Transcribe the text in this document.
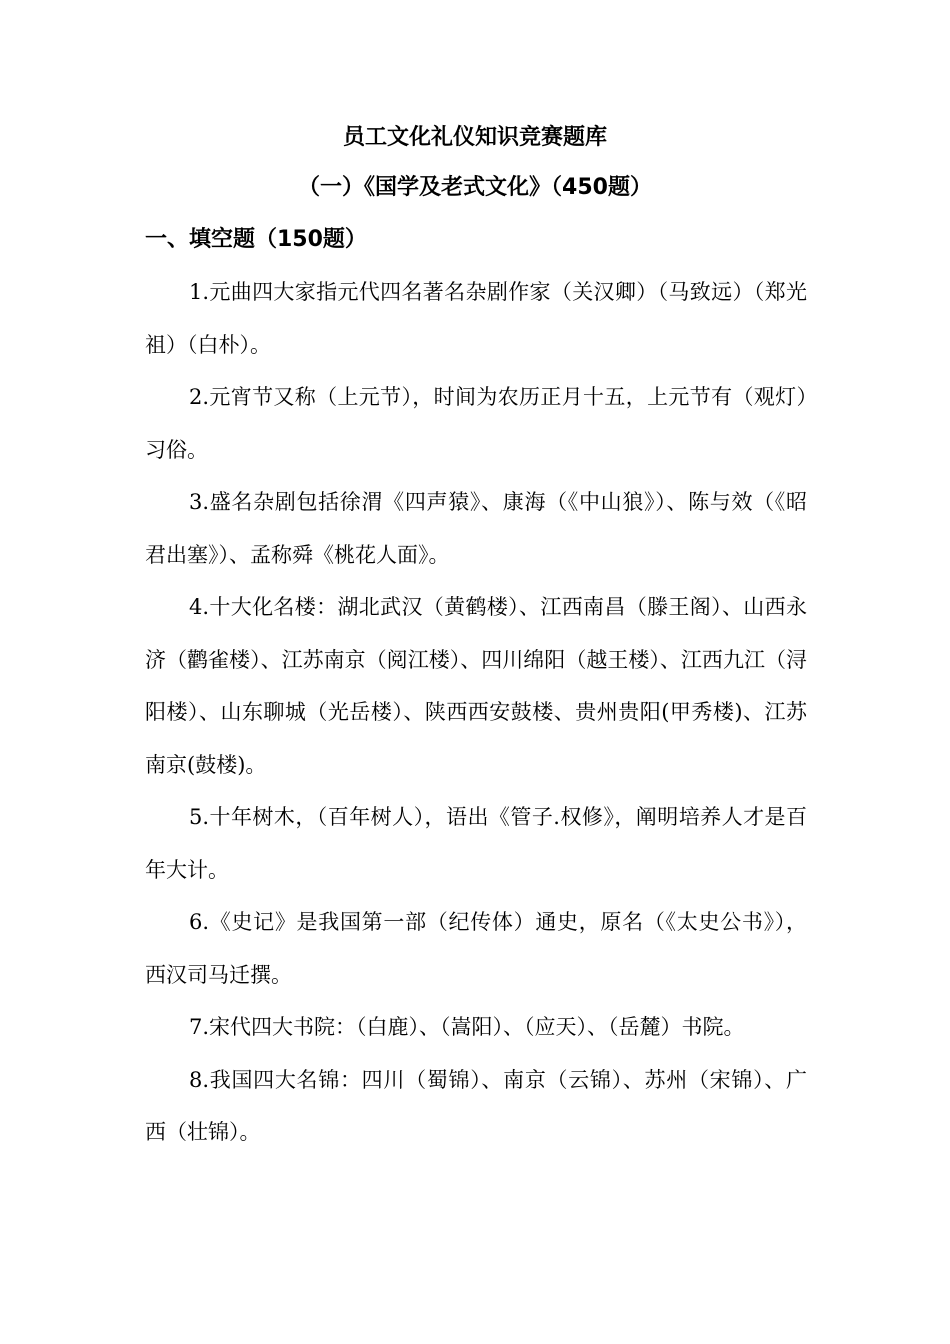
员工文化礼仪知识竞赛题库
（一）《国学及老式文化》（450题）
一、填空题（150题）

1.元曲四大家指元代四名著名杂剧作家（关汉卿）（马致远）（郑光祖）（白朴）。

2.元宵节又称（上元节），时间为农历正月十五，上元节有（观灯）习俗。

3.盛名杂剧包括徐渭《四声猿》、康海（《中山狼》）、陈与效（《昭君出塞》）、孟称舜《桃花人面》。

4.十大化名楼：湖北武汉（黄鹤楼）、江西南昌（滕王阁）、山西永济（鹳雀楼）、江苏南京（阅江楼）、四川绵阳（越王楼）、江西九江（浔阳楼）、山东聊城（光岳楼）、陕西西安鼓楼、贵州贵阳(甲秀楼)、江苏南京(鼓楼)。

5.十年树木，（百年树人），语出《管子.权修》，阐明培养人才是百年大计。

6.《史记》是我国第一部（纪传体）通史，原名（《太史公书》），西汉司马迁撰。

7.宋代四大书院：（白鹿）、（嵩阳）、（应天）、（岳麓）书院。

8.我国四大名锦：四川（蜀锦）、南京（云锦）、苏州（宋锦）、广西（壮锦）。
